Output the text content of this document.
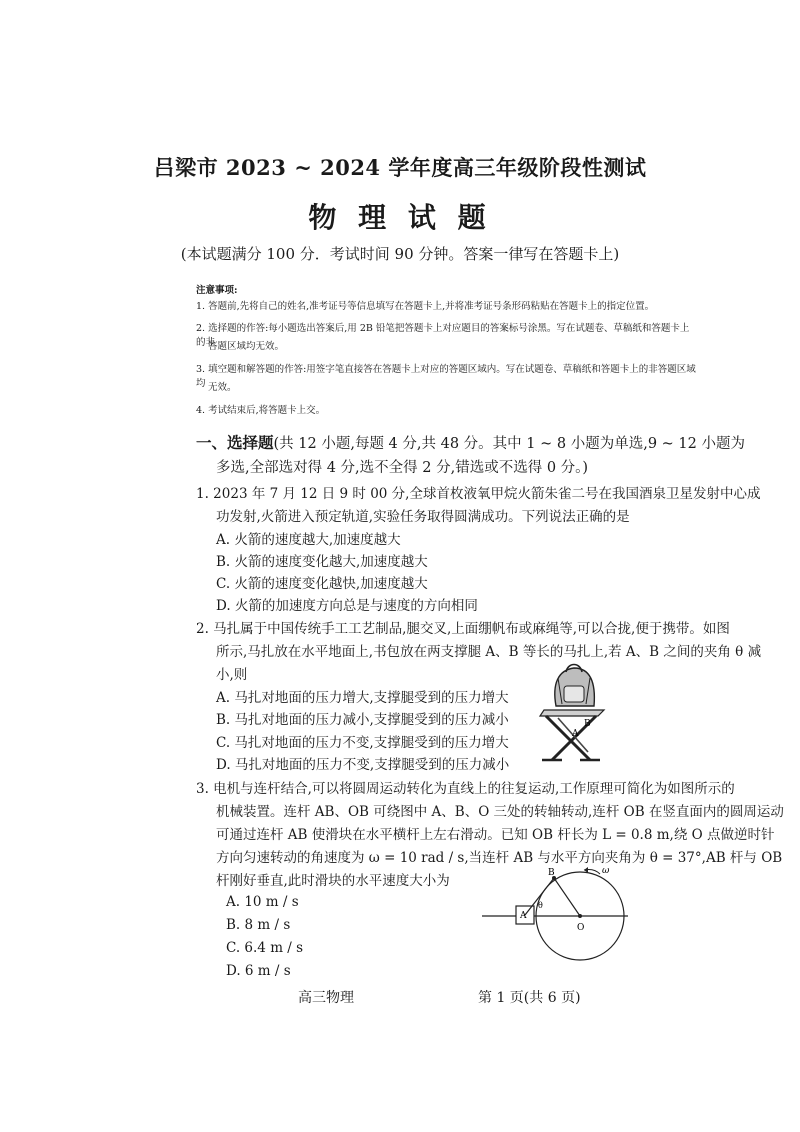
吕梁市 2023 ~ 2024 学年度高三年级阶段性测试
物 理 试 题
(本试题满分 100 分．考试时间 90 分钟。答案一律写在答题卡上)
注意事项:
1. 答题前,先将自己的姓名,准考证号等信息填写在答题卡上,并将准考证号条形码粘贴在答题卡上的指定位置。
2. 选择题的作答:每小题选出答案后,用 2B 铅笔把答题卡上对应题目的答案标号涂黑。写在试题卷、草稿纸和答题卡上的非
答题区域均无效。
3. 填空题和解答题的作答:用签字笔直接答在答题卡上对应的答题区域内。写在试题卷、草稿纸和答题卡上的非答题区域均 无效。
4. 考试结束后,将答题卡上交。
一、选择题(共 12 小题,每题 4 分,共 48 分。其中 1 ~ 8 小题为单选,9 ~ 12 小题为
多选,全部选对得 4 分,选不全得 2 分,错选或不选得 0 分。)
1. 2023 年 7 月 12 日 9 时 00 分,全球首枚液氧甲烷火箭朱雀二号在我国酒泉卫星发射中心成
功发射,火箭进入预定轨道,实验任务取得圆满成功。下列说法正确的是
A. 火箭的速度越大,加速度越大
B. 火箭的速度变化越大,加速度越大
C. 火箭的速度变化越快,加速度越大
D. 火箭的加速度方向总是与速度的方向相同
2. 马扎属于中国传统手工工艺制品,腿交叉,上面绷帆布或麻绳等,可以合拢,便于携带。如图
所示,马扎放在水平地面上,书包放在两支撑腿 A、B 等长的马扎上,若 A、B 之间的夹角 θ 减
小,则
A. 马扎对地面的压力增大,支撑腿受到的压力增大
B. 马扎对地面的压力减小,支撑腿受到的压力减小
C. 马扎对地面的压力不变,支撑腿受到的压力增大
D. 马扎对地面的压力不变,支撑腿受到的压力减小
A
B
3. 电机与连杆结合,可以将圆周运动转化为直线上的往复运动,工作原理可简化为如图所示的
机械装置。连杆 AB、OB 可绕图中 A、B、O 三处的转轴转动,连杆 OB 在竖直面内的圆周运动
可通过连杆 AB 使滑块在水平横杆上左右滑动。已知 OB 杆长为 L = 0.8 m,绕 O 点做逆时针
方向匀速转动的角速度为 ω = 10 rad / s,当连杆 AB 与水平方向夹角为 θ = 37°,AB 杆与 OB
杆刚好垂直,此时滑块的水平速度大小为
A. 10 m / s
B. 8 m / s
C. 6.4 m / s
D. 6 m / s
A
B
O
θ
ω
高三物理	第 1 页(共 6 页)
